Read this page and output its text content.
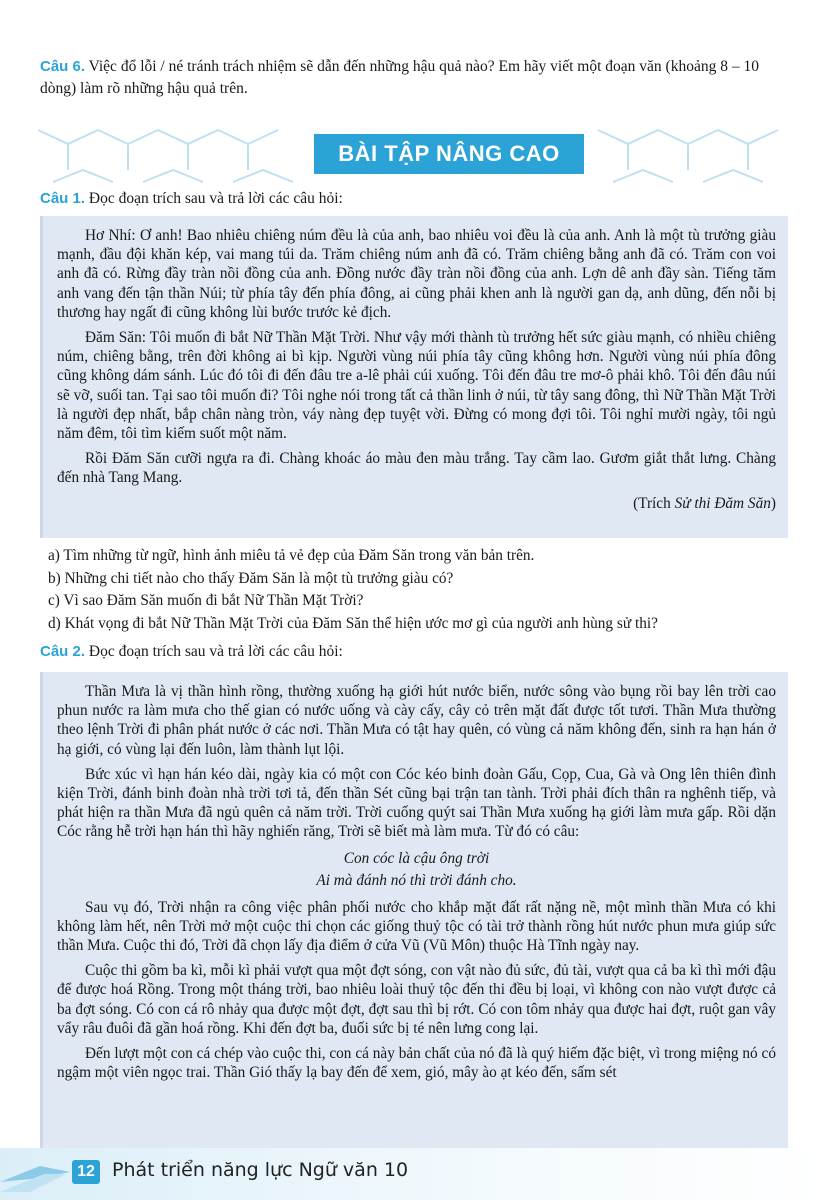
Câu 6. Việc đổ lỗi / né tránh trách nhiệm sẽ dẫn đến những hậu quả nào? Em hãy viết một đoạn văn (khoảng 8 – 10 dòng) làm rõ những hậu quả trên.
BÀI TẬP NÂNG CAO
Câu 1. Đọc đoạn trích sau và trả lời các câu hỏi:

Hơ Nhí: Ơ anh! Bao nhiêu chiêng núm đều là của anh, bao nhiêu voi đều là của anh. Anh là một tù trưởng giàu mạnh, đầu đội khăn kép, vai mang túi da. Trăm chiêng núm anh đã có. Trăm chiêng bằng anh đã có. Trăm con voi anh đã có. Rừng đầy tràn nồi đồng của anh. Đồng nước đầy tràn nồi đồng của anh. Lợn dê anh đầy sàn. Tiếng tăm anh vang đến tận thần Núi; từ phía tây đến phía đông, ai cũng phải khen anh là người gan dạ, anh dũng, đến nỗi bị thương hay ngất đi cũng không lùi bước trước kẻ địch.

Đăm Săn: Tôi muốn đi bắt Nữ Thần Mặt Trời. Như vậy mới thành tù trưởng hết sức giàu mạnh, có nhiều chiêng núm, chiêng bằng, trên đời không ai bì kịp. Người vùng núi phía tây cũng không hơn. Người vùng núi phía đông cũng không dám sánh. Lúc đó tôi đi đến đâu tre a-lê phải cúi xuống. Tôi đến đâu tre mơ-ô phải khô. Tôi đến đâu núi sẽ vỡ, suối tan. Tại sao tôi muốn đi? Tôi nghe nói trong tất cả thần linh ở núi, từ tây sang đông, thì Nữ Thần Mặt Trời là người đẹp nhất, bắp chân nàng tròn, váy nàng đẹp tuyệt vời. Đừng có mong đợi tôi. Tôi nghỉ mười ngày, tôi ngủ năm đêm, tôi tìm kiếm suốt một năm.

Rồi Đăm Săn cưỡi ngựa ra đi. Chàng khoác áo màu đen màu trắng. Tay cầm lao. Gươm giắt thắt lưng. Chàng đến nhà Tang Mang.

(Trích Sử thi Đăm Săn)

a) Tìm những từ ngữ, hình ảnh miêu tả vẻ đẹp của Đăm Săn trong văn bản trên.
b) Những chi tiết nào cho thấy Đăm Săn là một tù trưởng giàu có?
c) Vì sao Đăm Săn muốn đi bắt Nữ Thần Mặt Trời?
d) Khát vọng đi bắt Nữ Thần Mặt Trời của Đăm Săn thể hiện ước mơ gì của người anh hùng sử thi?
Câu 2. Đọc đoạn trích sau và trả lời các câu hỏi:

Thần Mưa là vị thần hình rồng, thường xuống hạ giới hút nước biển, nước sông vào bụng rồi bay lên trời cao phun nước ra làm mưa cho thế gian có nước uống và cày cấy, cây cỏ trên mặt đất được tốt tươi. Thần Mưa thường theo lệnh Trời đi phân phát nước ở các nơi. Thần Mưa có tật hay quên, có vùng cả năm không đến, sinh ra hạn hán ở hạ giới, có vùng lại đến luôn, làm thành lụt lội.

Bức xúc vì hạn hán kéo dài, ngày kia có một con Cóc kéo binh đoàn Gấu, Cọp, Cua, Gà và Ong lên thiên đình kiện Trời, đánh binh đoàn nhà trời tơi tả, đến thần Sét cũng bại trận tan tành. Trời phải đích thân ra nghênh tiếp, và phát hiện ra thần Mưa đã ngủ quên cả năm trời. Trời cuống quýt sai Thần Mưa xuống hạ giới làm mưa gấp. Rồi dặn Cóc rằng hễ trời hạn hán thì hãy nghiến răng, Trời sẽ biết mà làm mưa. Từ đó có câu:

Con cóc là cậu ông trời

Ai mà đánh nó thì trời đánh cho.

Sau vụ đó, Trời nhận ra công việc phân phối nước cho khắp mặt đất rất nặng nề, một mình thần Mưa có khi không làm hết, nên Trời mở một cuộc thi chọn các giống thuỷ tộc có tài trở thành rồng hút nước phun mưa giúp sức thần Mưa. Cuộc thi đó, Trời đã chọn lấy địa điểm ở cửa Vũ (Vũ Môn) thuộc Hà Tĩnh ngày nay.

Cuộc thi gồm ba kì, mỗi kì phải vượt qua một đợt sóng, con vật nào đủ sức, đủ tài, vượt qua cả ba kì thì mới đậu để được hoá Rồng. Trong một tháng trời, bao nhiêu loài thuỷ tộc đến thi đều bị loại, vì không con nào vượt được cả ba đợt sóng. Có con cá rô nhảy qua được một đợt, đợt sau thì bị rớt. Có con tôm nhảy qua được hai đợt, ruột gan vây vẩy râu đuôi đã gần hoá rồng. Khi đến đợt ba, đuối sức bị té nên lưng cong lại.

Đến lượt một con cá chép vào cuộc thi, con cá này bản chất của nó đã là quý hiếm đặc biệt, vì trong miệng nó có ngậm một viên ngọc trai. Thần Gió thấy lạ bay đến để xem, gió, mây ào ạt kéo đến, sấm sét

12 Phát triển năng lực Ngữ văn 10
